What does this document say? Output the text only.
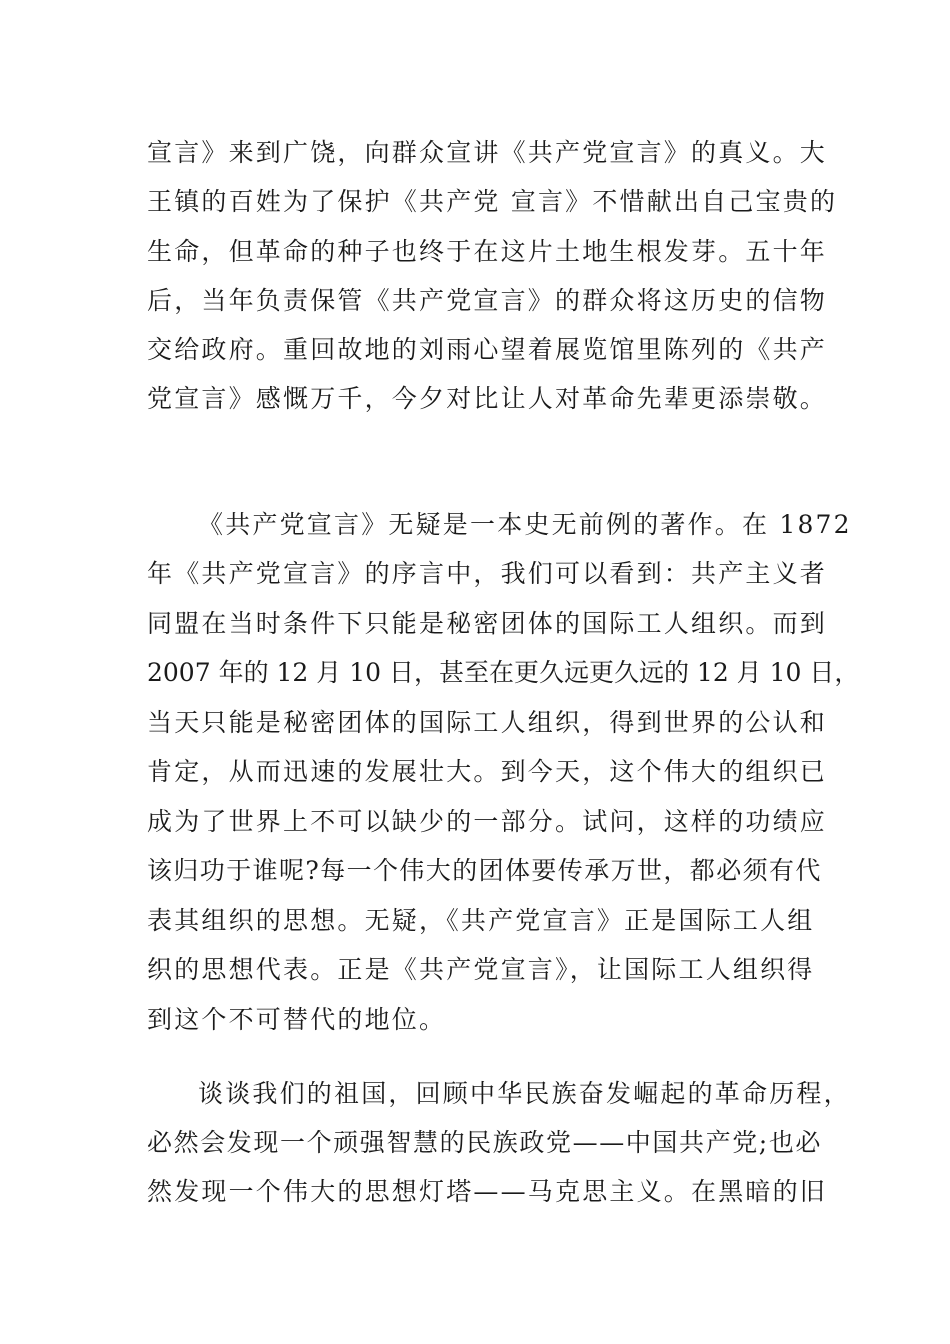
宣言》来到广饶，向群众宣讲《共产党宣言》的真义。大
王镇的百姓为了保护《共产党 宣言》不惜献出自己宝贵的
生命，但革命的种子也终于在这片土地生根发芽。五十年
后，当年负责保管《共产党宣言》的群众将这历史的信物
交给政府。重回故地的刘雨心望着展览馆里陈列的《共产
党宣言》感慨万千，今夕对比让人对革命先辈更添崇敬。
《共产党宣言》无疑是一本史无前例的著作。在 1872
年《共产党宣言》的序言中，我们可以看到：共产主义者
同盟在当时条件下只能是秘密团体的国际工人组织。而到
2007 年的 12 月 10 日，甚至在更久远更久远的 12 月 10 日，
当天只能是秘密团体的国际工人组织，得到世界的公认和
肯定，从而迅速的发展壮大。到今天，这个伟大的组织已
成为了世界上不可以缺少的一部分。试问，这样的功绩应
该归功于谁呢?每一个伟大的团体要传承万世，都必须有代
表其组织的思想。无疑，《共产党宣言》正是国际工人组
织的思想代表。正是《共产党宣言》，让国际工人组织得
到这个不可替代的地位。
谈谈我们的祖国，回顾中华民族奋发崛起的革命历程，
必然会发现一个顽强智慧的民族政党——中国共产党;也必
然发现一个伟大的思想灯塔——马克思主义。在黑暗的旧
